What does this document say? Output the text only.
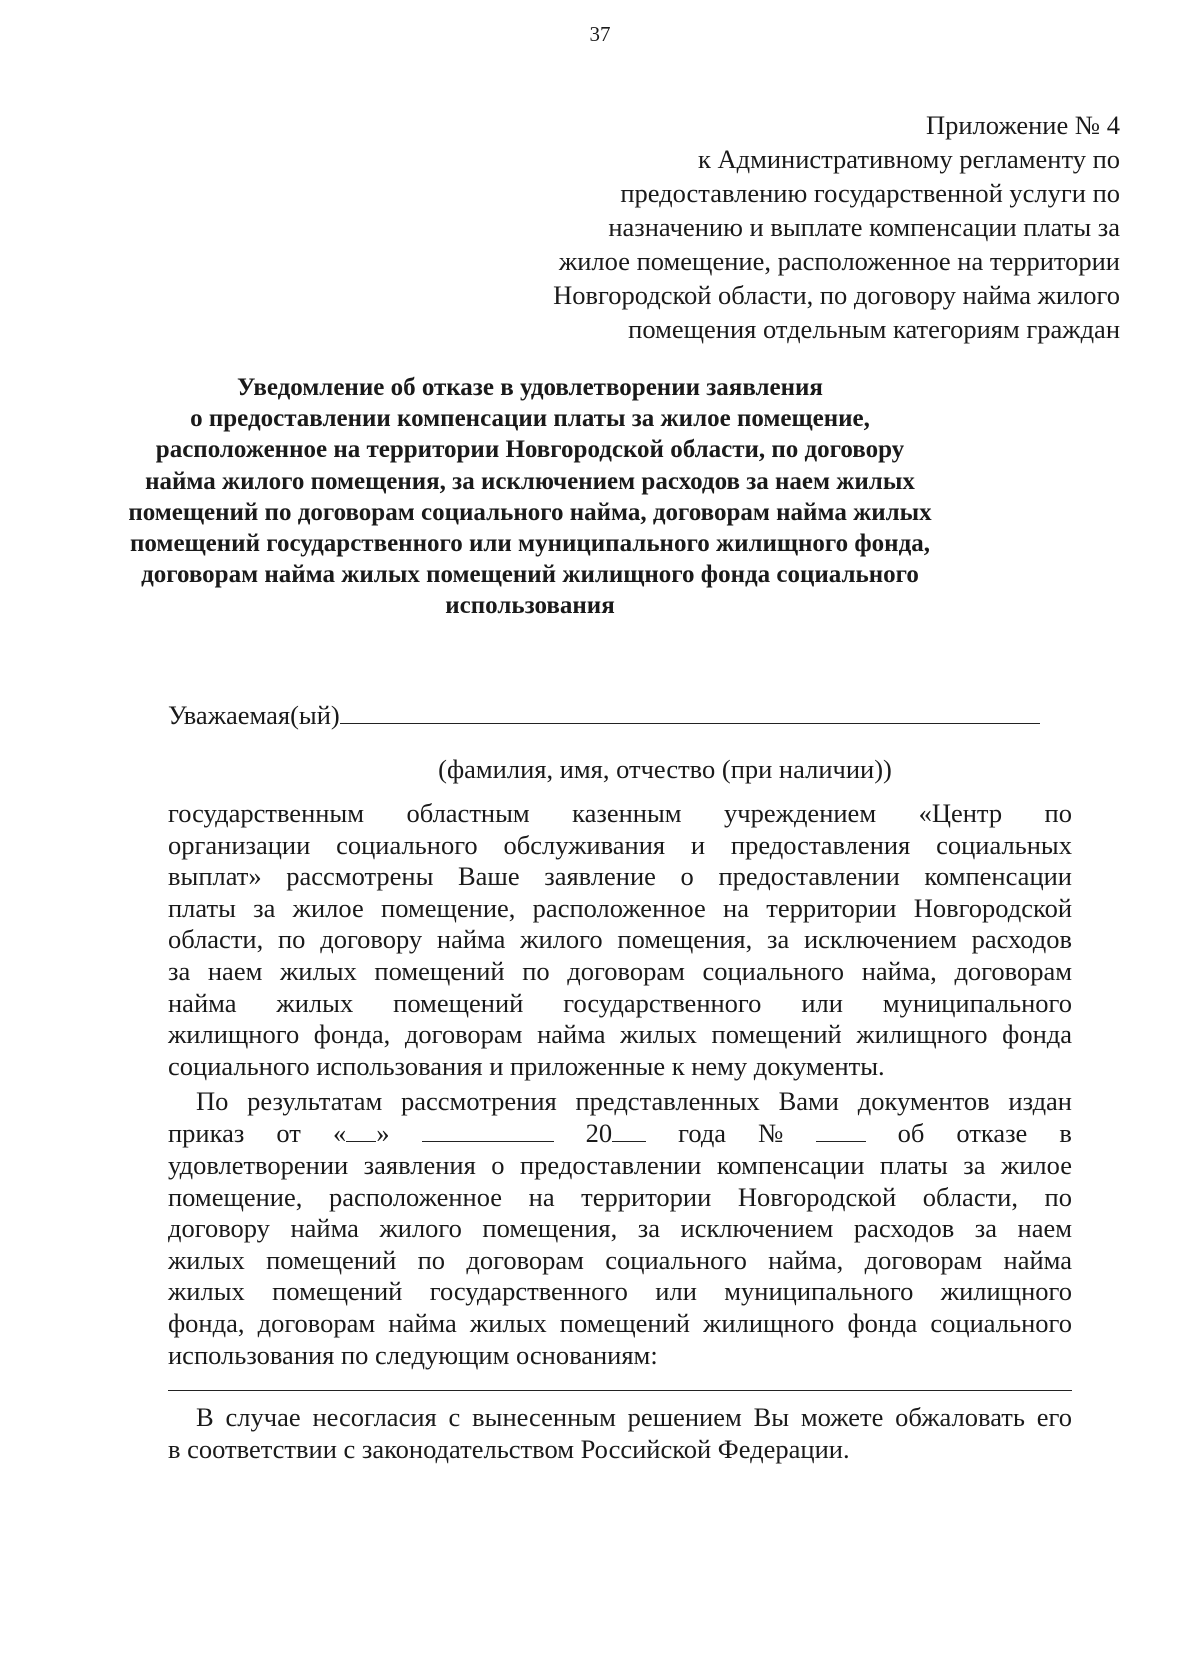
37
Приложение № 4
к Административному регламенту по
предоставлению государственной услуги по
назначению и выплате компенсации платы за
жилое помещение, расположенное на территории
Новгородской области, по договору найма жилого
помещения отдельным категориям граждан
Уведомление об отказе в удовлетворении заявления
о предоставлении компенсации платы за жилое помещение,
расположенное на территории Новгородской области, по договору
найма жилого помещения, за исключением расходов за наем жилых
помещений по договорам социального найма, договорам найма жилых
помещений государственного или муниципального жилищного фонда,
договорам найма жилых помещений жилищного фонда социального
использования
Уважаемая(ый)
(фамилия, имя, отчество (при наличии))
государственным областным казенным учреждением «Центр по
организации социального обслуживания и предоставления социальных
выплат» рассмотрены Ваше заявление о предоставлении компенсации
платы за жилое помещение, расположенное на территории Новгородской
области, по договору найма жилого помещения, за исключением расходов
за наем жилых помещений по договорам социального найма, договорам
найма жилых помещений государственного или муниципального
жилищного фонда, договорам найма жилых помещений жилищного фонда
социального использования и приложенные к нему документы.
По результатам рассмотрения представленных Вами документов издан
приказ от « »	20	года №	об отказе в
удовлетворении заявления о предоставлении компенсации платы за жилое
помещение, расположенное на территории Новгородской области, по
договору найма жилого помещения, за исключением расходов за наем
жилых помещений по договорам социального найма, договорам найма
жилых помещений государственного или муниципального жилищного
фонда, договорам найма жилых помещений жилищного фонда социального
использования по следующим основаниям:
В случае несогласия с вынесенным решением Вы можете обжаловать его
в соответствии с законодательством Российской Федерации.
